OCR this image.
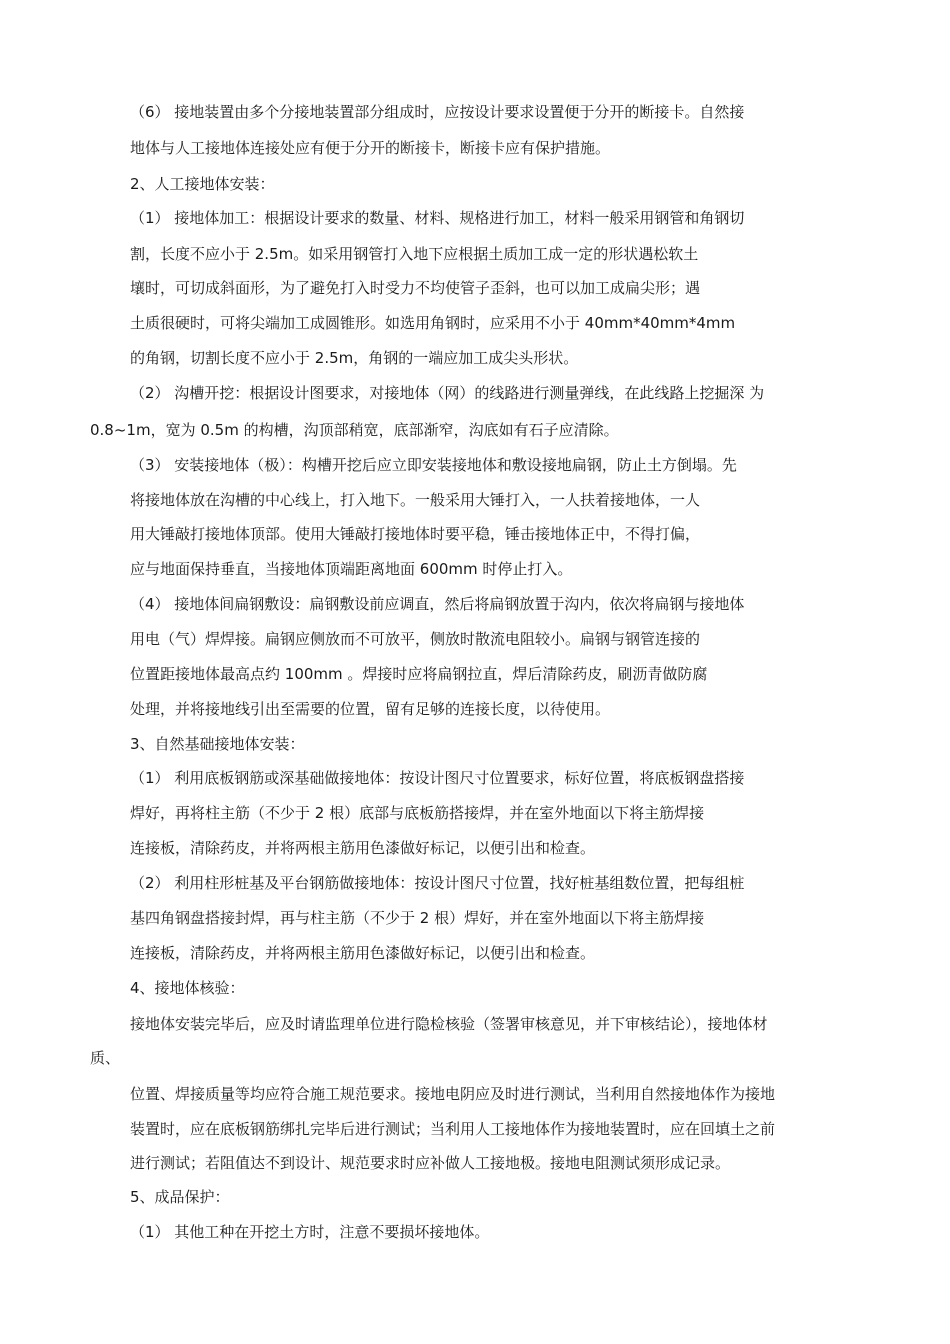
（6） 接地装置由多个分接地装置部分组成时，应按设计要求设置便于分开的断接卡。自然接
地体与人工接地体连接处应有便于分开的断接卡，断接卡应有保护措施。
2、人工接地体安装：
（1） 接地体加工：根据设计要求的数量、材料、规格进行加工，材料一般采用钢管和角钢切
割，长度不应小于 2.5m。如采用钢管打入地下应根据土质加工成一定的形状遇松软土
壤时，可切成斜面形，为了避免打入时受力不均使管子歪斜，也可以加工成扁尖形；遇
土质很硬时，可将尖端加工成圆锥形。如选用角钢时，应采用不小于 40mm*40mm*4mm
的角钢，切割长度不应小于 2.5m，角钢的一端应加工成尖头形状。
（2） 沟槽开挖：根据设计图要求，对接地体（网）的线路进行测量弹线，在此线路上挖掘深 为
0.8~1m，宽为 0.5m 的构槽，沟顶部稍宽，底部渐窄，沟底如有石子应清除。
（3） 安装接地体（极）：构槽开挖后应立即安装接地体和敷设接地扁钢，防止土方倒塌。先
将接地体放在沟槽的中心线上，打入地下。一般采用大锤打入，一人扶着接地体，一人
用大锤敲打接地体顶部。使用大锤敲打接地体时要平稳，锤击接地体正中，不得打偏，
应与地面保持垂直，当接地体顶端距离地面 600mm 时停止打入。
（4） 接地体间扁钢敷设：扁钢敷设前应调直，然后将扁钢放置于沟内，依次将扁钢与接地体
用电（气）焊焊接。扁钢应侧放而不可放平，侧放时散流电阻较小。扁钢与钢管连接的
位置距接地体最高点约 100mm 。焊接时应将扁钢拉直，焊后清除药皮，刷沥青做防腐
处理，并将接地线引出至需要的位置，留有足够的连接长度，以待使用。
3、自然基础接地体安装：
（1） 利用底板钢筋或深基础做接地体：按设计图尺寸位置要求，标好位置，将底板钢盘搭接
焊好，再将柱主筋（不少于 2 根）底部与底板筋搭接焊，并在室外地面以下将主筋焊接
连接板，清除药皮，并将两根主筋用色漆做好标记，以便引出和检查。
（2） 利用柱形桩基及平台钢筋做接地体：按设计图尺寸位置，找好桩基组数位置，把每组桩
基四角钢盘搭接封焊，再与柱主筋（不少于 2 根）焊好，并在室外地面以下将主筋焊接
连接板，清除药皮，并将两根主筋用色漆做好标记，以便引出和检查。
4、接地体核验：
接地体安装完毕后，应及时请监理单位进行隐检核验（签署审核意见，并下审核结论），接地体材
质、
位置、焊接质量等均应符合施工规范要求。接地电阴应及时进行测试，当利用自然接地体作为接地
装置时，应在底板钢筋绑扎完毕后进行测试；当利用人工接地体作为接地装置时，应在回填土之前
进行测试；若阻值达不到设计、规范要求时应补做人工接地极。接地电阻测试须形成记录。
5、成品保护：
（1） 其他工种在开挖土方时，注意不要损坏接地体。
